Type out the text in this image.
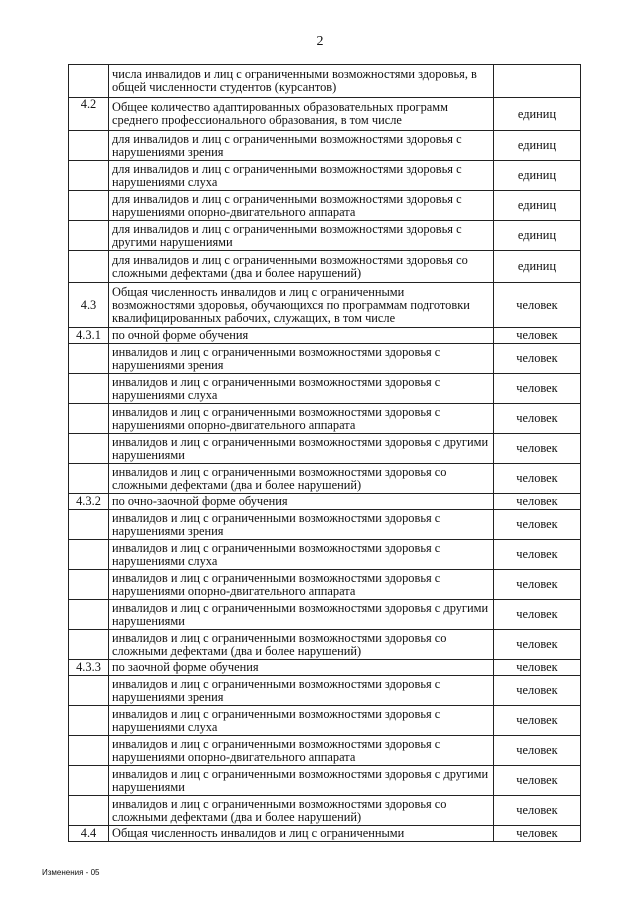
2
	числа инвалидов и лиц с ограниченными возможностями здоровья, в общей численности студентов (курсантов)	
4.2	Общее количество адаптированных образовательных программ среднего профессионального образования, в том числе	единиц
	для инвалидов и лиц с ограниченными возможностями здоровья с нарушениями зрения	единиц
	для инвалидов и лиц с ограниченными возможностями здоровья с нарушениями слуха	единиц
	для инвалидов и лиц с ограниченными возможностями здоровья с нарушениями опорно-двигательного аппарата	единиц
	для инвалидов и лиц с ограниченными возможностями здоровья с другими нарушениями	единиц
	для инвалидов и лиц с ограниченными возможностями здоровья со сложными дефектами (два и более нарушений)	единиц
4.3	Общая численность инвалидов и лиц с ограниченными возможностями здоровья, обучающихся по программам подготовки квалифицированных рабочих, служащих, в том числе	человек
4.3.1	по очной форме обучения	человек
	инвалидов и лиц с ограниченными возможностями здоровья с нарушениями зрения	человек
	инвалидов и лиц с ограниченными возможностями здоровья с нарушениями слуха	человек
	инвалидов и лиц с ограниченными возможностями здоровья с нарушениями опорно-двигательного аппарата	человек
	инвалидов и лиц с ограниченными возможностями здоровья с другими нарушениями	человек
	инвалидов и лиц с ограниченными возможностями здоровья со сложными дефектами (два и более нарушений)	человек
4.3.2	по очно-заочной форме обучения	человек
	инвалидов и лиц с ограниченными возможностями здоровья с нарушениями зрения	человек
	инвалидов и лиц с ограниченными возможностями здоровья с нарушениями слуха	человек
	инвалидов и лиц с ограниченными возможностями здоровья с нарушениями опорно-двигательного аппарата	человек
	инвалидов и лиц с ограниченными возможностями здоровья с другими нарушениями	человек
	инвалидов и лиц с ограниченными возможностями здоровья со сложными дефектами (два и более нарушений)	человек
4.3.3	по заочной форме обучения	человек
	инвалидов и лиц с ограниченными возможностями здоровья с нарушениями зрения	человек
	инвалидов и лиц с ограниченными возможностями здоровья с нарушениями слуха	человек
	инвалидов и лиц с ограниченными возможностями здоровья с нарушениями опорно-двигательного аппарата	человек
	инвалидов и лиц с ограниченными возможностями здоровья с другими нарушениями	человек
	инвалидов и лиц с ограниченными возможностями здоровья со сложными дефектами (два и более нарушений)	человек
4.4	Общая численность инвалидов и лиц с ограниченными	человек
Изменения - 05
